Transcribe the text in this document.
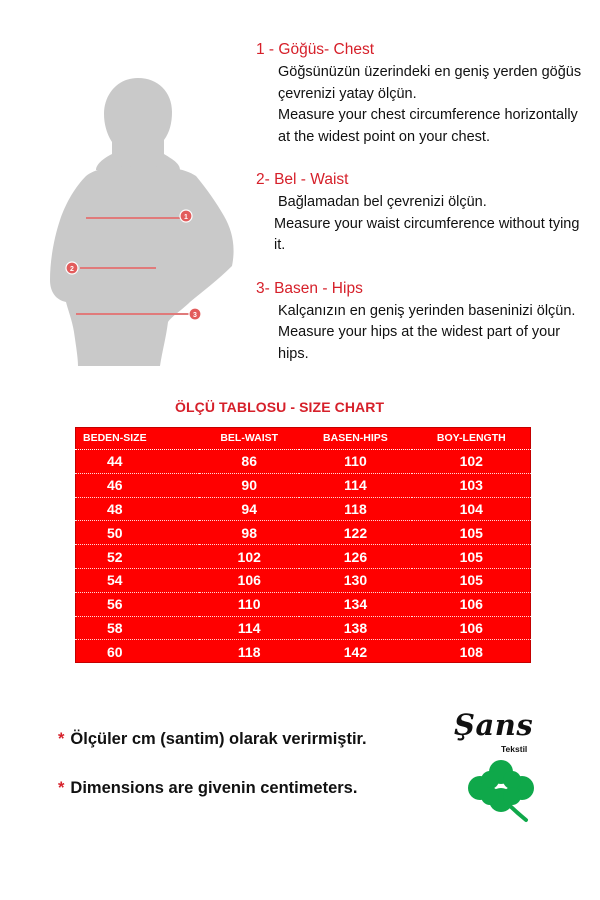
1
2
3
1 - Göğüs- Chest
Göğsünüzün üzerindeki en geniş yerden göğüs çevrenizi yatay ölçün.
Measure your chest circumference horizontally at the widest point on your chest.
2- Bel - Waist
Bağlamadan bel çevrenizi ölçün.
Measure your waist circumference without tying it.
3- Basen - Hips
Kalçanızın en geniş yerinden baseninizi ölçün.
Measure your hips at the widest part of your hips.
ÖLÇÜ TABLOSU - SIZE CHART
BEDEN-SIZE	BEL-WAIST	BASEN-HIPS	BOY-LENGTH
44	86	110	102
46	90	114	103
48	94	118	104
50	98	122	105
52	102	126	105
54	106	130	105
56	110	134	106
58	114	138	106
60	118	142	108
* Ölçüler cm (santim) olarak verirmiştir.
* Dimensions are givenin centimeters.
Şans
Tekstil
